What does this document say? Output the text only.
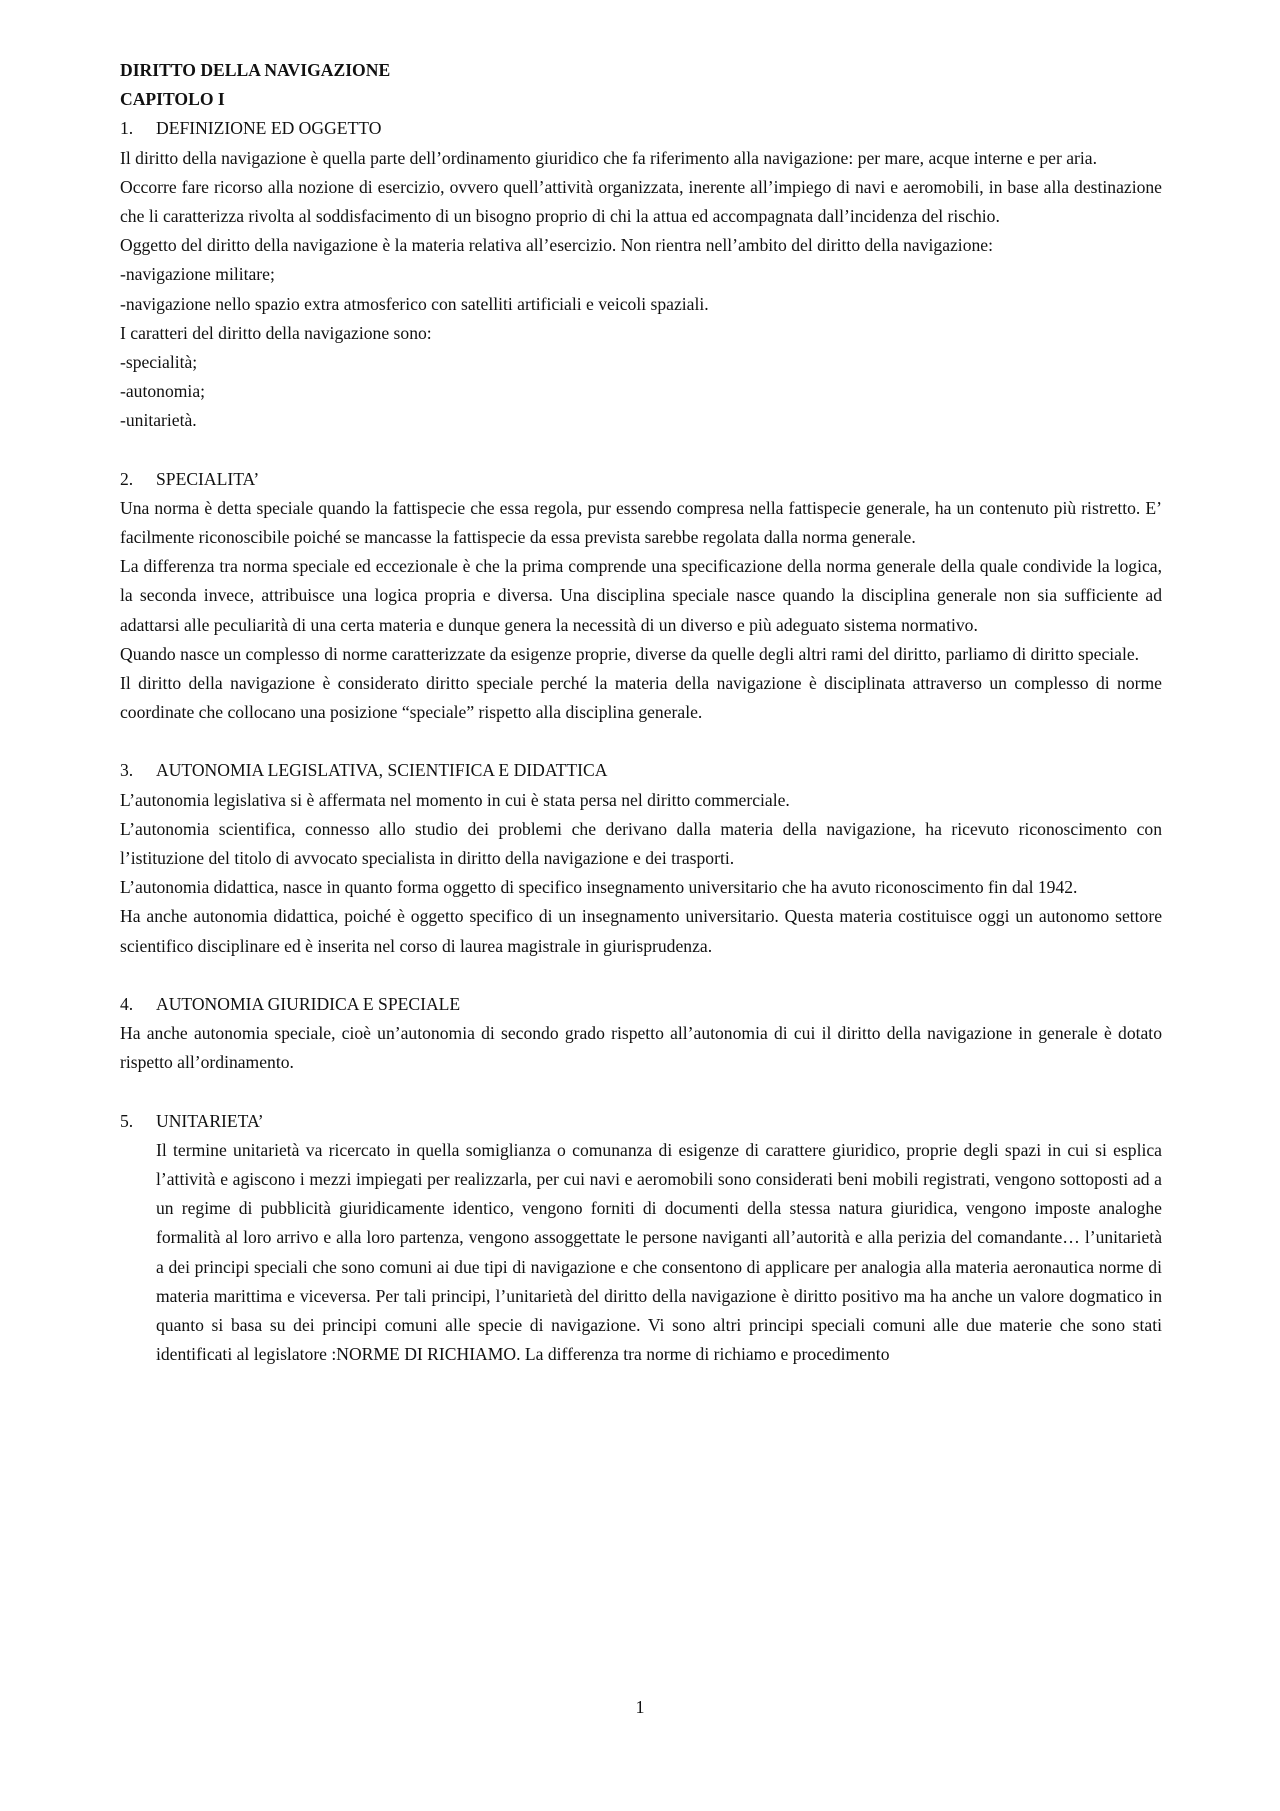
DIRITTO DELLA NAVIGAZIONE

CAPITOLO I

1. DEFINIZIONE ED OGGETTO

Il diritto della navigazione è quella parte dell’ordinamento giuridico che fa riferimento alla navigazione: per mare, acque interne e per aria.

Occorre fare ricorso alla nozione di esercizio, ovvero quell’attività organizzata, inerente all’impiego di navi e aeromobili, in base alla destinazione che li caratterizza rivolta al soddisfacimento di un bisogno proprio di chi la attua ed accompagnata dall’incidenza del rischio.

Oggetto del diritto della navigazione è la materia relativa all’esercizio. Non rientra nell’ambito del diritto della navigazione:

-navigazione militare;

-navigazione nello spazio extra atmosferico con satelliti artificiali e veicoli spaziali.

I caratteri del diritto della navigazione sono:

-specialità;

-autonomia;

-unitarietà.

2. SPECIALITA’

Una norma è detta speciale quando la fattispecie che essa regola, pur essendo compresa nella fattispecie generale, ha un contenuto più ristretto. E’ facilmente riconoscibile poiché se mancasse la fattispecie da essa prevista sarebbe regolata dalla norma generale.

La differenza tra norma speciale ed eccezionale è che la prima comprende una specificazione della norma generale della quale condivide la logica, la seconda invece, attribuisce una logica propria e diversa. Una disciplina speciale nasce quando la disciplina generale non sia sufficiente ad adattarsi alle peculiarità di una certa materia e dunque genera la necessità di un diverso e più adeguato sistema normativo.

Quando nasce un complesso di norme caratterizzate da esigenze proprie, diverse da quelle degli altri rami del diritto, parliamo di diritto speciale.

Il diritto della navigazione è considerato diritto speciale perché la materia della navigazione è disciplinata attraverso un complesso di norme coordinate che collocano una posizione “speciale” rispetto alla disciplina generale.

3. AUTONOMIA LEGISLATIVA, SCIENTIFICA E DIDATTICA

L’autonomia legislativa si è affermata nel momento in cui è stata persa nel diritto commerciale.

L’autonomia scientifica, connesso allo studio dei problemi che derivano dalla materia della navigazione, ha ricevuto riconoscimento con l’istituzione del titolo di avvocato specialista in diritto della navigazione e dei trasporti.

L’autonomia didattica, nasce in quanto forma oggetto di specifico insegnamento universitario che ha avuto riconoscimento fin dal 1942.

Ha anche autonomia didattica, poiché è oggetto specifico di un insegnamento universitario. Questa materia costituisce oggi un autonomo settore scientifico disciplinare ed è inserita nel corso di laurea magistrale in giurisprudenza.

4. AUTONOMIA GIURIDICA E SPECIALE

Ha anche autonomia speciale, cioè un’autonomia di secondo grado rispetto all’autonomia di cui il diritto della navigazione in generale è dotato rispetto all’ordinamento.

5. UNITARIETA’

Il termine unitarietà va ricercato in quella somiglianza o comunanza di esigenze di carattere giuridico, proprie degli spazi in cui si esplica l’attività e agiscono i mezzi impiegati per realizzarla, per cui navi e aeromobili sono considerati beni mobili registrati, vengono sottoposti ad a un regime di pubblicità giuridicamente identico, vengono forniti di documenti della stessa natura giuridica, vengono imposte analoghe formalità al loro arrivo e alla loro partenza, vengono assoggettate le persone naviganti all’autorità e alla perizia del comandante… l’unitarietà a dei principi speciali che sono comuni ai due tipi di navigazione e che consentono di applicare per analogia alla materia aeronautica norme di materia marittima e viceversa. Per tali principi, l’unitarietà del diritto della navigazione è diritto positivo ma ha anche un valore dogmatico in quanto si basa su dei principi comuni alle specie di navigazione. Vi sono altri principi speciali comuni alle due materie che sono stati identificati al legislatore :NORME DI RICHIAMO. La differenza tra norme di richiamo e procedimento

1
